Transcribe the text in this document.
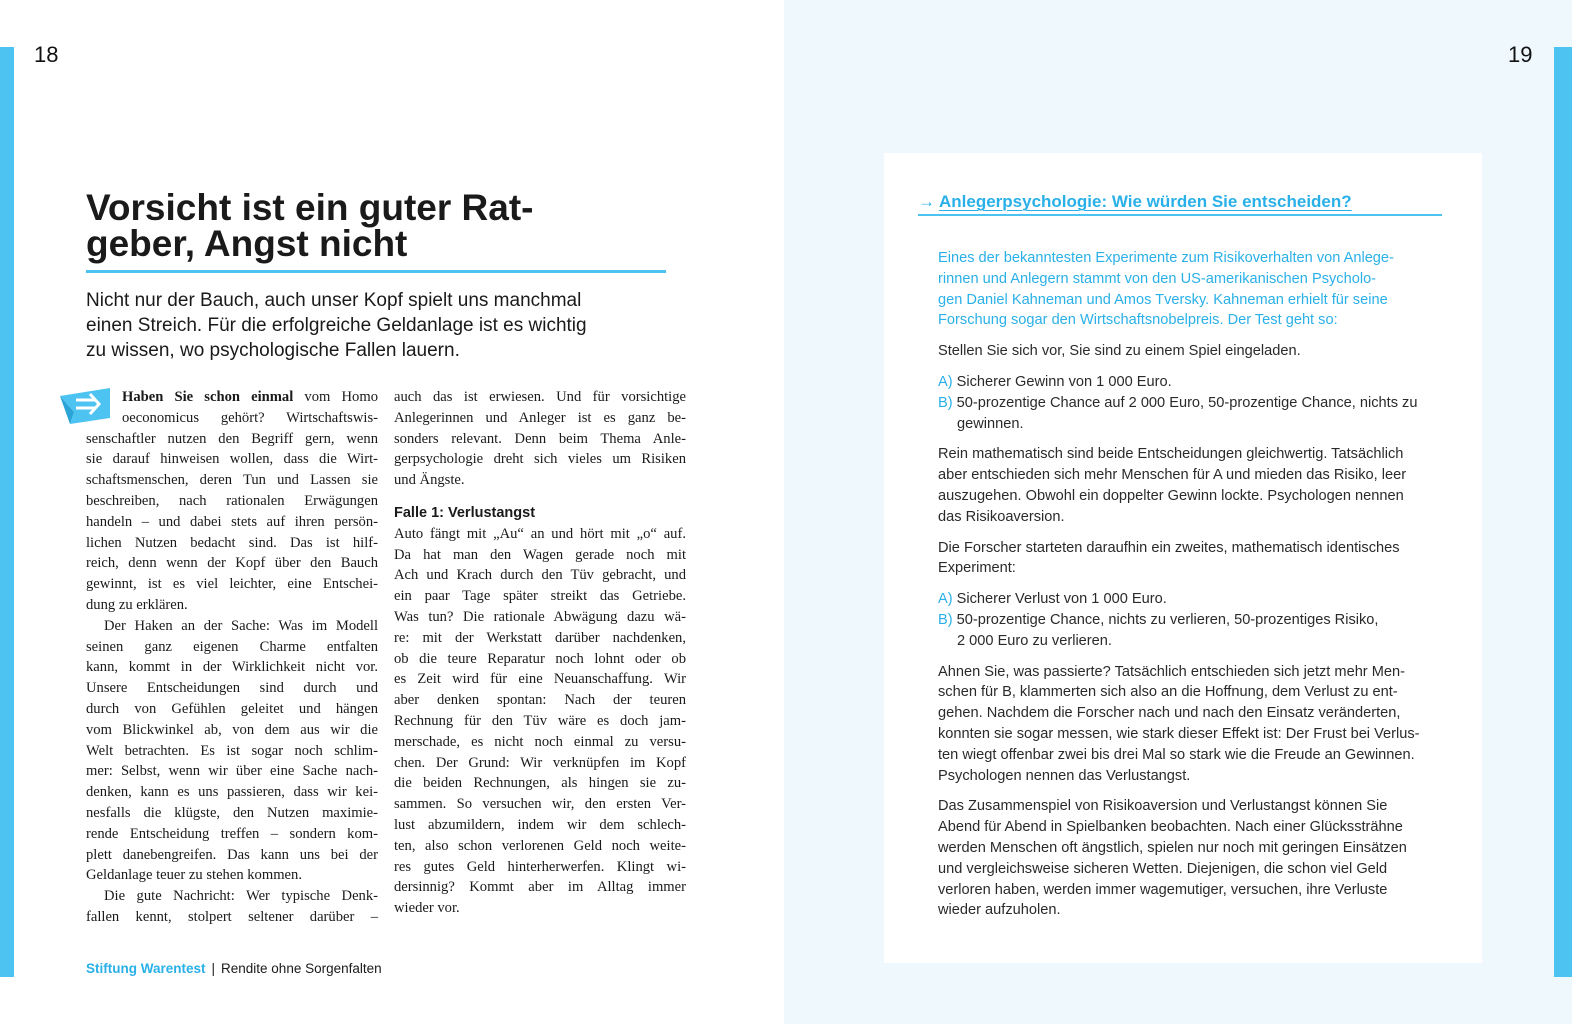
18	19
Vorsicht ist ein guter Rat-
geber, Angst nicht

Nicht nur der Bauch, auch unser Kopf spielt uns manchmal
einen Streich. Für die erfolgreiche Geldanlage ist es wichtig
zu wissen, wo psychologische Fallen lauern.

Haben Sie schon einmal vom Homo
oeconomicus gehört? Wirtschaftswis-
senschaftler nutzen den Begriff gern, wenn
sie darauf hinweisen wollen, dass die Wirt-
schaftsmenschen, deren Tun und Lassen sie
beschreiben, nach rationalen Erwägungen
handeln – und dabei stets auf ihren persön-
lichen Nutzen bedacht sind. Das ist hilf-
reich, denn wenn der Kopf über den Bauch
gewinnt, ist es viel leichter, eine Entschei-
dung zu erklären.
Der Haken an der Sache: Was im Modell
seinen ganz eigenen Charme entfalten
kann, kommt in der Wirklichkeit nicht vor.
Unsere Entscheidungen sind durch und
durch von Gefühlen geleitet und hängen
vom Blickwinkel ab, von dem aus wir die
Welt betrachten. Es ist sogar noch schlim-
mer: Selbst, wenn wir über eine Sache nach-
denken, kann es uns passieren, dass wir kei-
nesfalls die klügste, den Nutzen maximie-
rende Entscheidung treffen – sondern kom-
plett danebengreifen. Das kann uns bei der
Geldanlage teuer zu stehen kommen.
Die gute Nachricht: Wer typische Denk-
fallen kennt, stolpert seltener darüber –
auch das ist erwiesen. Und für vorsichtige
Anlegerinnen und Anleger ist es ganz be-
sonders relevant. Denn beim Thema Anle-
gerpsychologie dreht sich vieles um Risiken
und Ängste.
Falle 1: Verlustangst
Auto fängt mit „Au“ an und hört mit „o“ auf.
Da hat man den Wagen gerade noch mit
Ach und Krach durch den Tüv gebracht, und
ein paar Tage später streikt das Getriebe.
Was tun? Die rationale Abwägung dazu wä-
re: mit der Werkstatt darüber nachdenken,
ob die teure Reparatur noch lohnt oder ob
es Zeit wird für eine Neuanschaffung. Wir
aber denken spontan: Nach der teuren
Rechnung für den Tüv wäre es doch jam-
merschade, es nicht noch einmal zu versu-
chen. Der Grund: Wir verknüpfen im Kopf
die beiden Rechnungen, als hingen sie zu-
sammen. So versuchen wir, den ersten Ver-
lust abzumildern, indem wir dem schlech-
ten, also schon verlorenen Geld noch weite-
res gutes Geld hinterherwerfen. Klingt wi-
dersinnig? Kommt aber im Alltag immer
wieder vor.
Stiftung Warentest | Rendite ohne Sorgenfalten
→ Anlegerpsychologie: Wie würden Sie entscheiden?

Eines der bekanntesten Experimente zum Risikoverhalten von Anlege-
rinnen und Anlegern stammt von den US-amerikanischen Psycholo-
gen Daniel Kahneman und Amos Tversky. Kahneman erhielt für seine
Forschung sogar den Wirtschaftsnobelpreis. Der Test geht so:

Stellen Sie sich vor, Sie sind zu einem Spiel eingeladen.

A) Sicherer Gewinn von 1 000 Euro.
B) 50-prozentige Chance auf 2 000 Euro, 50-prozentige Chance, nichts zu
gewinnen.

Rein mathematisch sind beide Entscheidungen gleichwertig. Tatsächlich
aber entschieden sich mehr Menschen für A und mieden das Risiko, leer
auszugehen. Obwohl ein doppelter Gewinn lockte. Psychologen nennen
das Risikoaversion.

Die Forscher starteten daraufhin ein zweites, mathematisch identisches
Experiment:

A) Sicherer Verlust von 1 000 Euro.
B) 50-prozentige Chance, nichts zu verlieren, 50-prozentiges Risiko,
2 000 Euro zu verlieren.

Ahnen Sie, was passierte? Tatsächlich entschieden sich jetzt mehr Men-
schen für B, klammerten sich also an die Hoffnung, dem Verlust zu ent-
gehen. Nachdem die Forscher nach und nach den Einsatz veränderten,
konnten sie sogar messen, wie stark dieser Effekt ist: Der Frust bei Verlus-
ten wiegt offenbar zwei bis drei Mal so stark wie die Freude an Gewinnen.
Psychologen nennen das Verlustangst.

Das Zusammenspiel von Risikoaversion und Verlustangst können Sie
Abend für Abend in Spielbanken beobachten. Nach einer Glückssträhne
werden Menschen oft ängstlich, spielen nur noch mit geringen Einsätzen
und vergleichsweise sicheren Wetten. Diejenigen, die schon viel Geld
verloren haben, werden immer wagemutiger, versuchen, ihre Verluste
wieder aufzuholen.
